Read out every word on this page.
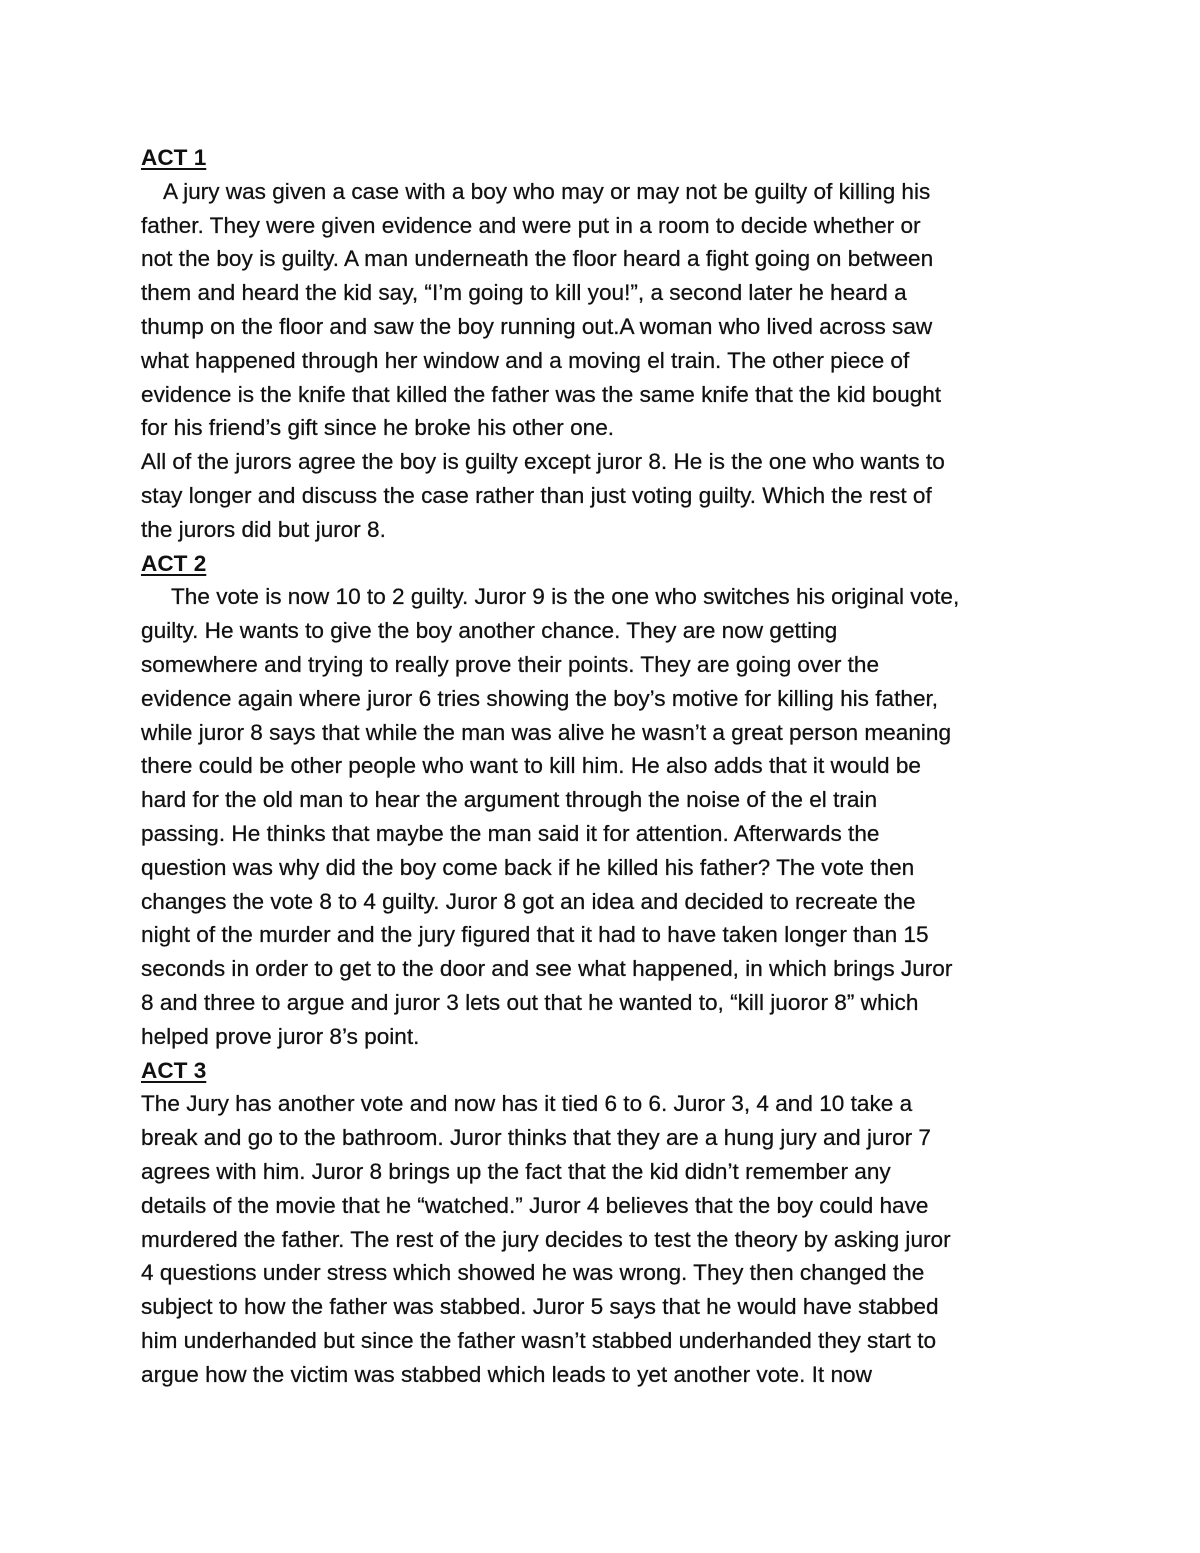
ACT 1
A jury was given a case with a boy who may or may not be guilty of killing his
father. They were given evidence and were put in a room to decide whether or
not the boy is guilty. A man underneath the floor heard a fight going on between
them and heard the kid say, “I’m going to kill you!”, a second later he heard a
thump on the floor and saw the boy running out.A woman who lived across saw
what happened through her window and a moving el train. The other piece of
evidence is the knife that killed the father was the same knife that the kid bought
for his friend’s gift since he broke his other one.
All of the jurors agree the boy is guilty except juror 8. He is the one who wants to
stay longer and discuss the case rather than just voting guilty. Which the rest of
the jurors did but juror 8.
ACT 2
The vote is now 10 to 2 guilty. Juror 9 is the one who switches his original vote,
guilty. He wants to give the boy another chance. They are now getting
somewhere and trying to really prove their points. They are going over the
evidence again where juror 6 tries showing the boy’s motive for killing his father,
while juror 8 says that while the man was alive he wasn’t a great person meaning
there could be other people who want to kill him. He also adds that it would be
hard for the old man to hear the argument through the noise of the el train
passing. He thinks that maybe the man said it for attention. Afterwards the
question was why did the boy come back if he killed his father? The vote then
changes the vote 8 to 4 guilty. Juror 8 got an idea and decided to recreate the
night of the murder and the jury figured that it had to have taken longer than 15
seconds in order to get to the door and see what happened, in which brings Juror
8 and three to argue and juror 3 lets out that he wanted to, “kill juoror 8” which
helped prove juror 8’s point.
ACT 3
The Jury has another vote and now has it tied 6 to 6. Juror 3, 4 and 10 take a
break and go to the bathroom. Juror thinks that they are a hung jury and juror 7
agrees with him. Juror 8 brings up the fact that the kid didn’t remember any
details of the movie that he “watched.” Juror 4 believes that the boy could have
murdered the father. The rest of the jury decides to test the theory by asking juror
4 questions under stress which showed he was wrong. They then changed the
subject to how the father was stabbed. Juror 5 says that he would have stabbed
him underhanded but since the father wasn’t stabbed underhanded they start to
argue how the victim was stabbed which leads to yet another vote. It now
